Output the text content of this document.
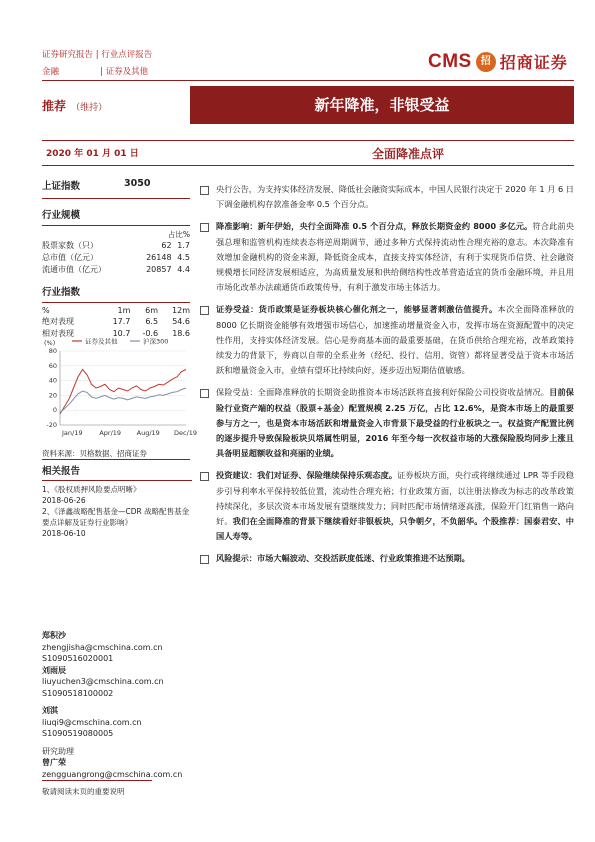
证券研究报告 | 行业点评报告
金融	| 证券及其他
CMS 招 招商证券
推荐 （维持）	新年降准，非银受益
2020 年 01 月 01 日	全面降准点评
上证指数	3050
行业规模
占比%
股票家数（只）	62	1.7
总市值（亿元）	26148	4.5
流通市值（亿元）	20857	4.4
行业指数
%	1m	6m	12m
绝对表现	17.7	6.5	54.6
相对表现	10.7	-0.6	18.6
(%)
80
60
40
20
0
-20
Jan/19	Apr/19 Aug/19 Dec/19
证券及其他	沪深300
资料来源：贝格数据、招商证券
相关报告
1、《股权质押风险要点明晰》
2018-06-26
2、《泽鑫战略配售基金—CDR 战略配售基金要点详解及证券行业影响》
2018-06-10
郑积沙
zhengjisha@cmschina.com.cn
S1090516020001
刘雨辰
liuyuchen3@cmschina.com.cn
S1090518100002
刘淇
liuqi9@cmschina.com.cn
S1090519080005
研究助理
曾广荣
zengguangrong@cmschina.com.cn
敬请阅读末页的重要说明
央行公告，为支持实体经济发展、降低社会融资实际成本，中国人民银行决定于 2020 年 1 月 6 日下调金融机构存款准备金率 0.5 个百分点。
降准影响：新年伊始，央行全面降准 0.5 个百分点，释放长期资金约 8000 多亿元。符合此前央强总理和监管机构连续表态将逆周期调节，通过多种方式保持流动性合理充裕的意志。本次降准有效增加金融机构的资金来源，降低资金成本，直接支持实体经济，有利于实现货币信贷、社会融资规模增长同经济发展相适应，为高质量发展和供给侧结构性改革营造适宜的货币金融环境，并且用市场化改革办法疏通货币政策传导，有利于激发市场主体活力。
证券受益：货币政策是证券板块核心催化剂之一，能够显著刺激估值提升。本次全面降准释放的 8000 亿长期资金能够有效增强市场信心，加速推动增量资金入市，发挥市场在资源配置中的决定性作用，支持实体经济发展。信心是券商基本面的最重要基础，在货币供给合理充裕，改革政策持续发力的背景下，券商以自带的全系业务（经纪、投行、信用、资管）都将显著受益于资本市场活跃和增量资金入市，业绩有望环比持续向好，逐步迈出短期估值敏感。
保险受益：全面降准释放的长期资金助推资本市场活跃将直接利好保险公司投资收益情况。目前保险行业资产端的权益（股票+基金）配置规模 2.25 万亿，占比 12.6%，是资本市场上的最重要参与方之一，也是资本市场活跃和增量资金入市背景下最受益的行业板块之一。权益资产配置比例的逐步提升导致保险板块贝塔属性明显，2016 年至今每一次权益市场的大涨保险股均同步上涨且具备明显超额收益和亮丽的业绩。
投资建议：我们对证券、保险继续保持乐观态度。证券板块方面，央行或将继续通过 LPR 等手段稳步引导利率水平保持较低位置，流动性合理充裕；行业政策方面，以注册法修改为标志的改革政策持续深化，多层次资本市场发展有望继续发力；同时匹配市场情绪逐高涨，保险开门红销售一路向好。我们在全面降准的背景下继续看好非银板块，只争朝夕，不负韶华。个股推荐：国泰君安、中国人寿等。
风险提示：市场大幅波动、交投活跃度低迷、行业政策推进不达预期。
